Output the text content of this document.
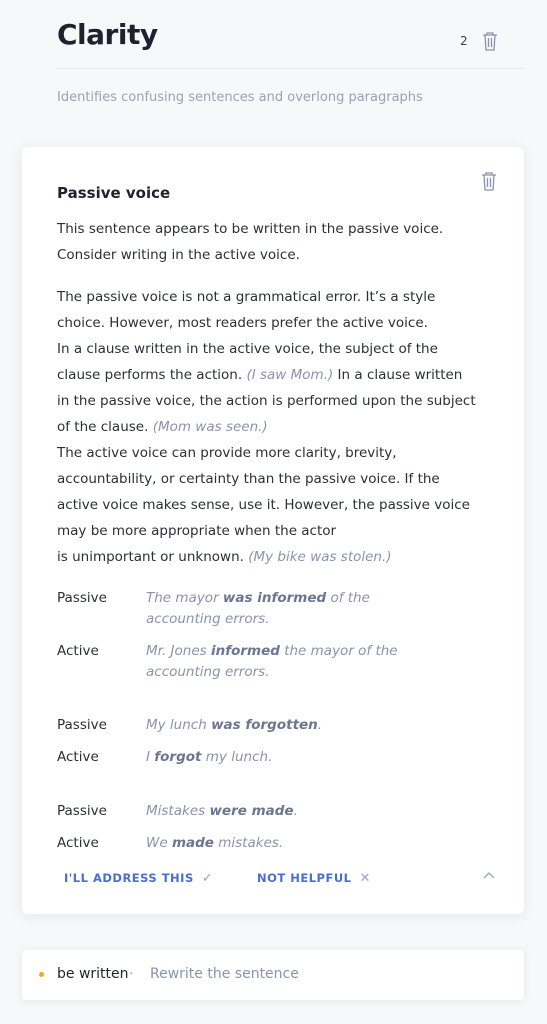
Clarity	2
Identifies confusing sentences and overlong paragraphs
Passive voice

This sentence appears to be written in the passive voice. Consider writing in the active voice.

The passive voice is not a grammatical error. It’s a style choice. However, most readers prefer the active voice.
In a clause written in the active voice, the subject of the clause performs the action. (I saw Mom.) In a clause written in the passive voice, the action is performed upon the subject of the clause. (Mom was seen.)
The active voice can provide more clarity, brevity, accountability, or certainty than the passive voice. If the active voice makes sense, use it. However, the passive voice may be more appropriate when the actor
is unimportant or unknown. (My bike was stolen.)

Passive	The mayor was informed of the accounting errors.
Active	Mr. Jones informed the mayor of the accounting errors.
Passive	My lunch was forgotten.
Active	I forgot my lunch.
Passive	Mistakes were made.
Active	We made mistakes.
I'LL ADDRESS THIS ✓	NOT HELPFUL ✕
be written · Rewrite the sentence
